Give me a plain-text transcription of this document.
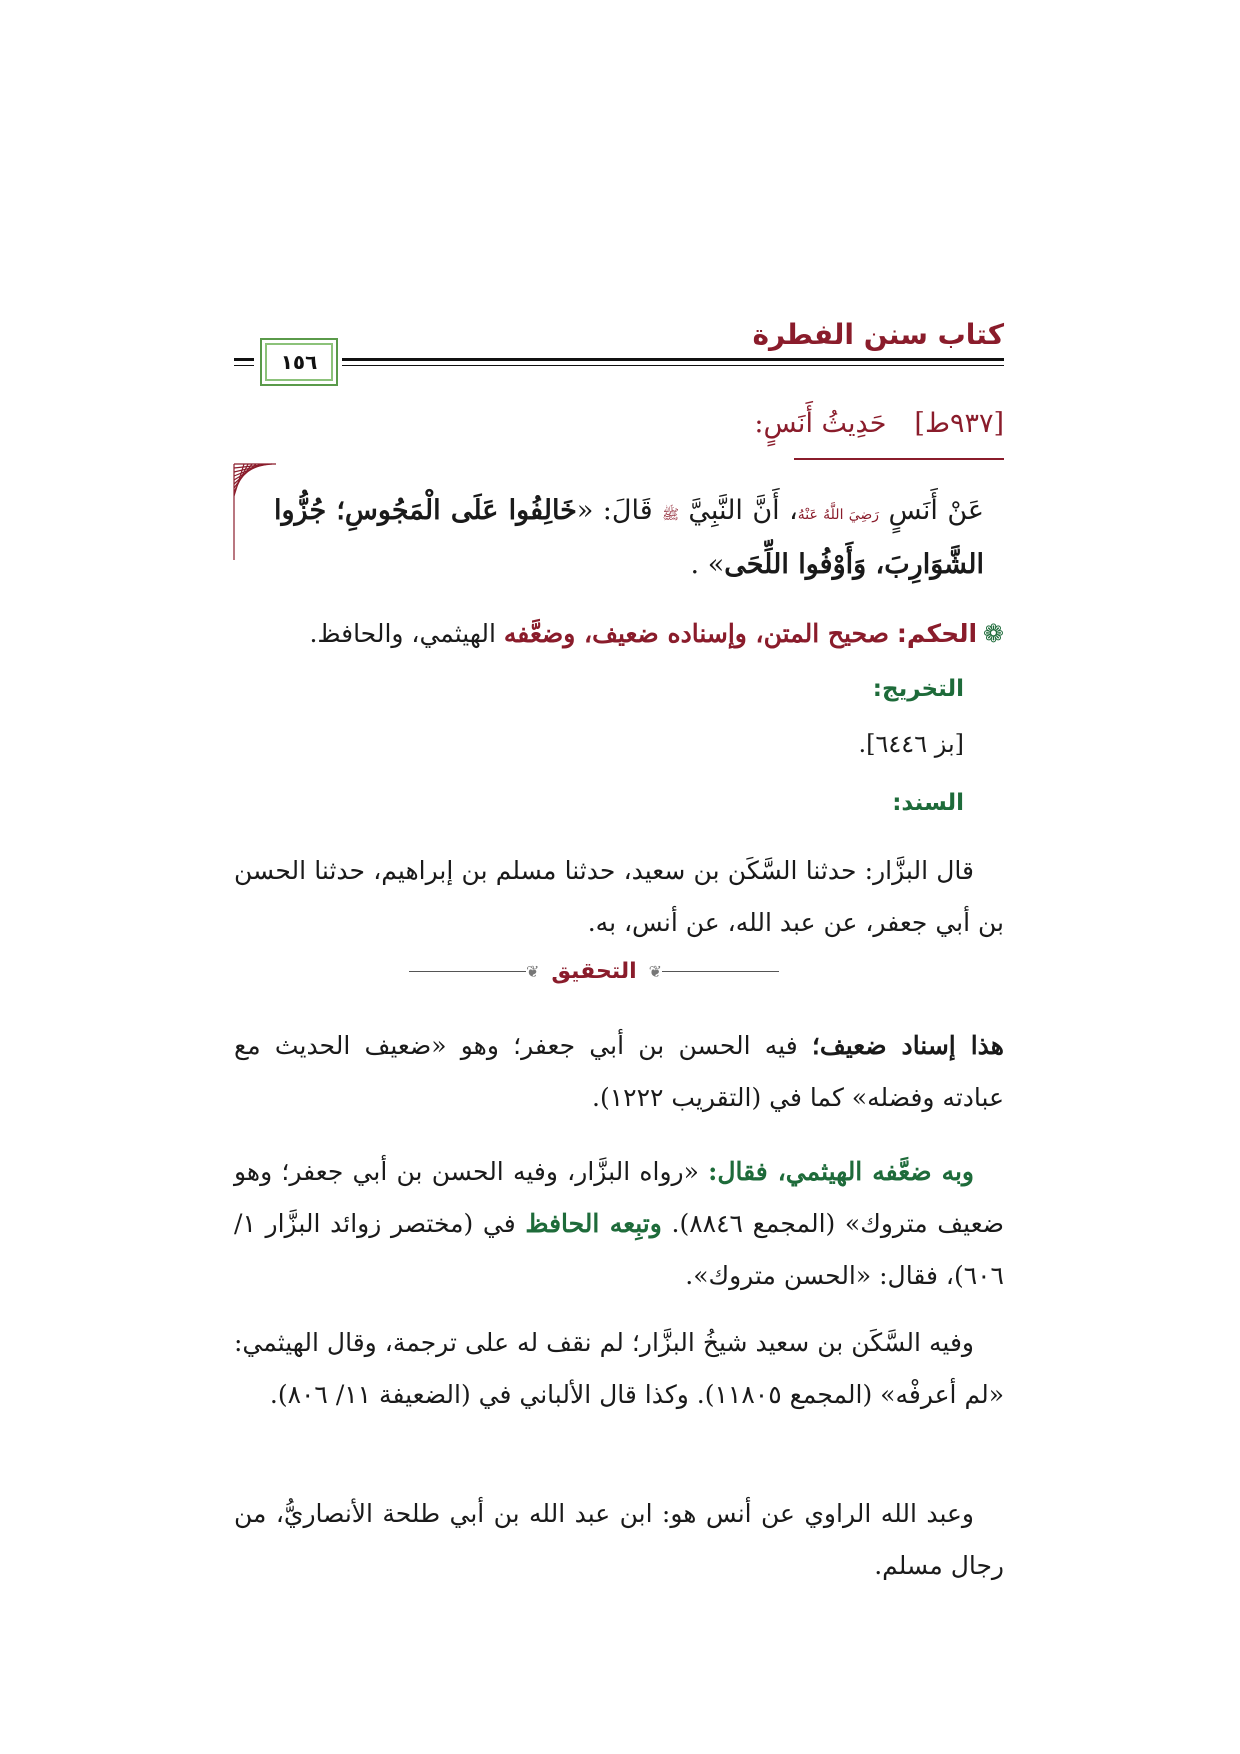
كتاب سنن الفطرة
١٥٦
[٩٣٧ط]حَدِيثُ أَنَسٍ:
عَنْ أَنَسٍ رَضِيَ اللَّهُ عَنْهُ، أَنَّ النَّبِيَّ ﷺ قَالَ: «خَالِفُوا عَلَى الْمَجُوسِ؛ جُزُّوا الشَّوَارِبَ، وَأَوْفُوا اللِّحَى» .
❁الحكم: صحيح المتن، وإسناده ضعيف، وضعَّفه الهيثمي، والحافظ.
التخريج:
[بز ٦٤٤٦].
السند:
قال البزَّار: حدثنا السَّكَن بن سعيد، حدثنا مسلم بن إبراهيم، حدثنا الحسن بن أبي جعفر، عن عبد الله، عن أنس، به.
❦
التحقيق
❦
هذا إسناد ضعيف؛ فيه الحسن بن أبي جعفر؛ وهو «ضعيف الحديث مع عبادته وفضله» كما في (التقريب ١٢٢٢).
وبه ضعَّفه الهيثمي، فقال: «رواه البزَّار، وفيه الحسن بن أبي جعفر؛ وهو ضعيف متروك» (المجمع ٨٨٤٦). وتبِعه الحافظ في (مختصر زوائد البزَّار ١/ ٦٠٦)، فقال: «الحسن متروك».
وفيه السَّكَن بن سعيد شيخُ البزَّار؛ لم نقف له على ترجمة، وقال الهيثمي: «لم أعرفْه» (المجمع ١١٨٠٥). وكذا قال الألباني في (الضعيفة ١١/ ٨٠٦).
وعبد الله الراوي عن أنس هو: ابن عبد الله بن أبي طلحة الأنصاريُّ، من رجال مسلم.
